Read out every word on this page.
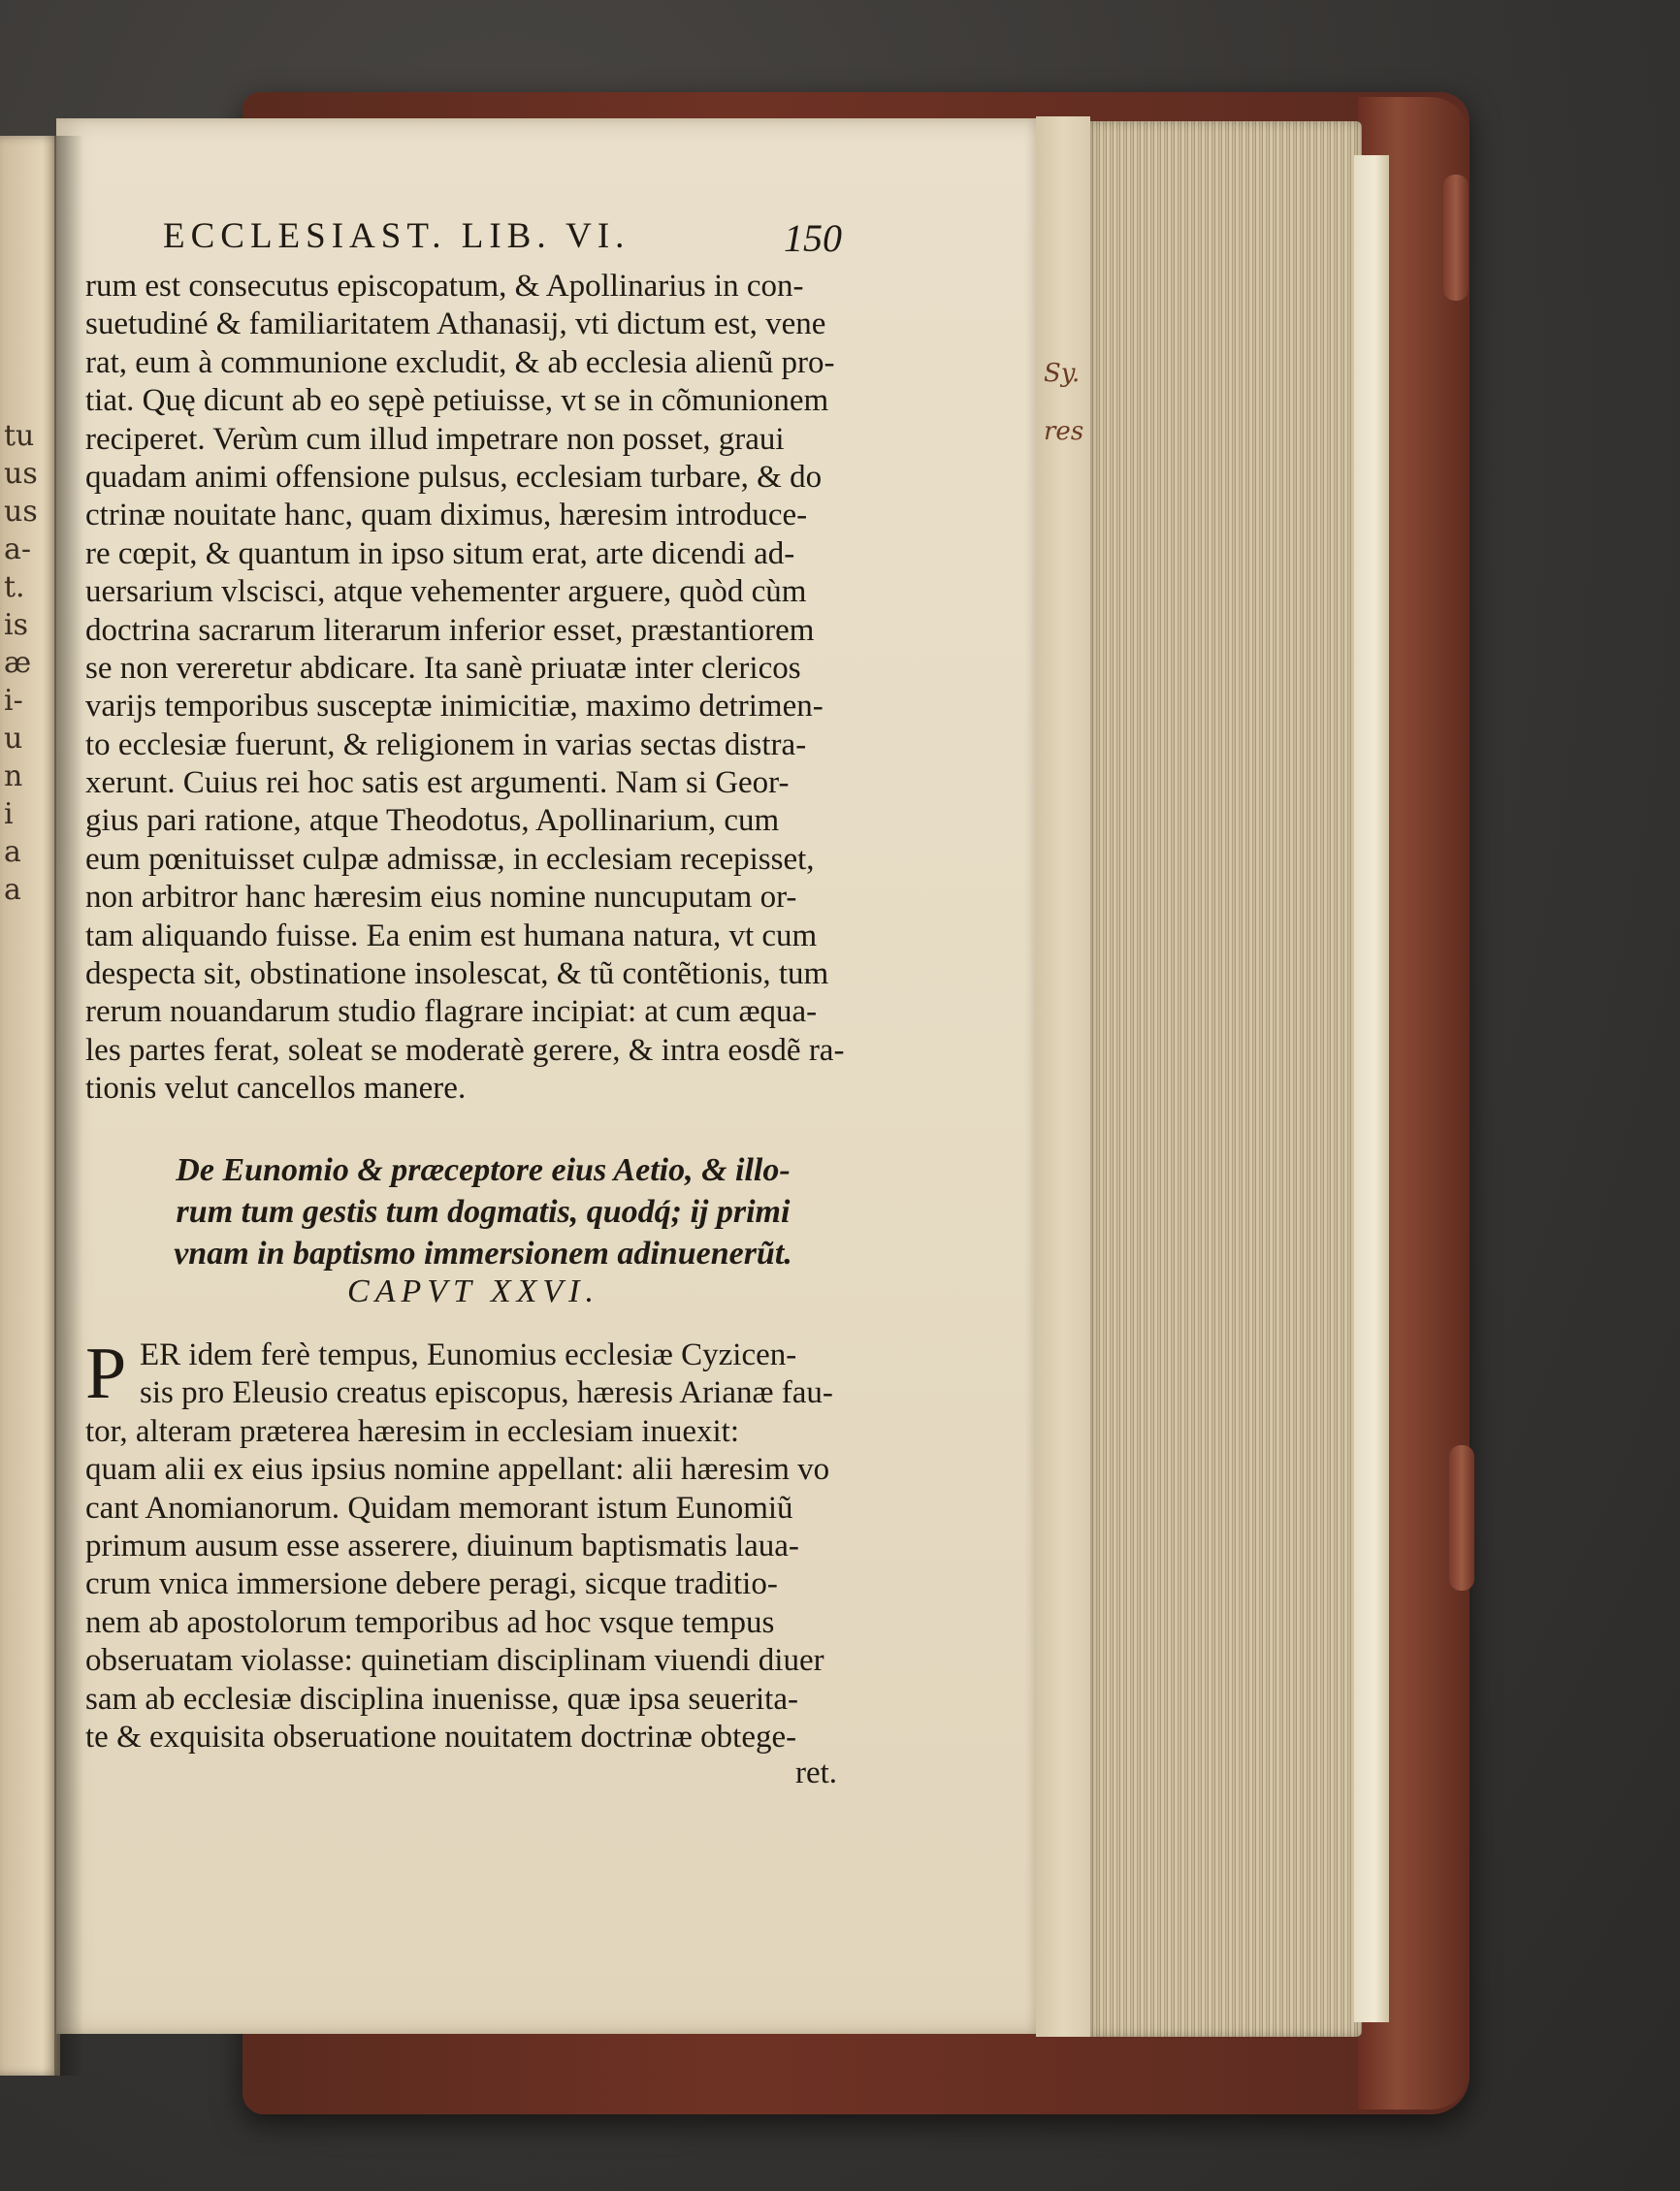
tu
us
us
a-
t.
is
æ
i-
u
n
i
a
a
Sy.
res
ECCLESIAST. LIB. VI.	150
rum est consecutus episcopatum, & Apollinarius in con-
suetudiné & familiaritatem Athanasij, vti dictum est, vene
rat, eum à communione excludit, & ab ecclesia alienũ pro-
tiat. Quę dicunt ab eo sępè petiuisse, vt se in cõmunionem
reciperet. Verùm cum illud impetrare non posset, graui
quadam animi offensione pulsus, ecclesiam turbare, & do
ctrinæ nouitate hanc, quam diximus, hæresim introduce-
re cœpit, & quantum in ipso situm erat, arte dicendi ad-
uersarium vlscisci, atque vehementer arguere, quòd cùm
doctrina sacrarum literarum inferior esset, præstantiorem
se non vereretur abdicare. Ita sanè priuatæ inter clericos
varijs temporibus susceptæ inimicitiæ, maximo detrimen-
to ecclesiæ fuerunt, & religionem in varias sectas distra-
xerunt. Cuius rei hoc satis est argumenti. Nam si Geor-
gius pari ratione, atque Theodotus, Apollinarium, cum
eum pœnituisset culpæ admissæ, in ecclesiam recepisset,
non arbitror hanc hæresim eius nomine nuncuputam or-
tam aliquando fuisse. Ea enim est humana natura, vt cum
despecta sit, obstinatione insolescat, & tũ contẽtionis, tum
rerum nouandarum studio flagrare incipiat: at cum æqua-
les partes ferat, soleat se moderatè gerere, & intra eosdẽ ra-
tionis velut cancellos manere.
De Eunomio & præceptore eius Aetio, & illo-
rum tum gestis tum dogmatis, quodq́; ij primi
vnam in baptismo immersionem adinuenerũt.
CAPVT XXVI.
P ER idem ferè tempus, Eunomius ecclesiæ Cyzicen-
sis pro Eleusio creatus episcopus, hæresis Arianæ fau-
tor, alteram præterea hæresim in ecclesiam inuexit:
quam alii ex eius ipsius nomine appellant: alii hæresim vo
cant Anomianorum. Quidam memorant istum Eunomiũ
primum ausum esse asserere, diuinum baptismatis laua-
crum vnica immersione debere peragi, sicque traditio-
nem ab apostolorum temporibus ad hoc vsque tempus
obseruatam violasse: quinetiam disciplinam viuendi diuer
sam ab ecclesiæ disciplina inuenisse, quæ ipsa seuerita-
te & exquisita obseruatione nouitatem doctrinæ obtege-
ret.
